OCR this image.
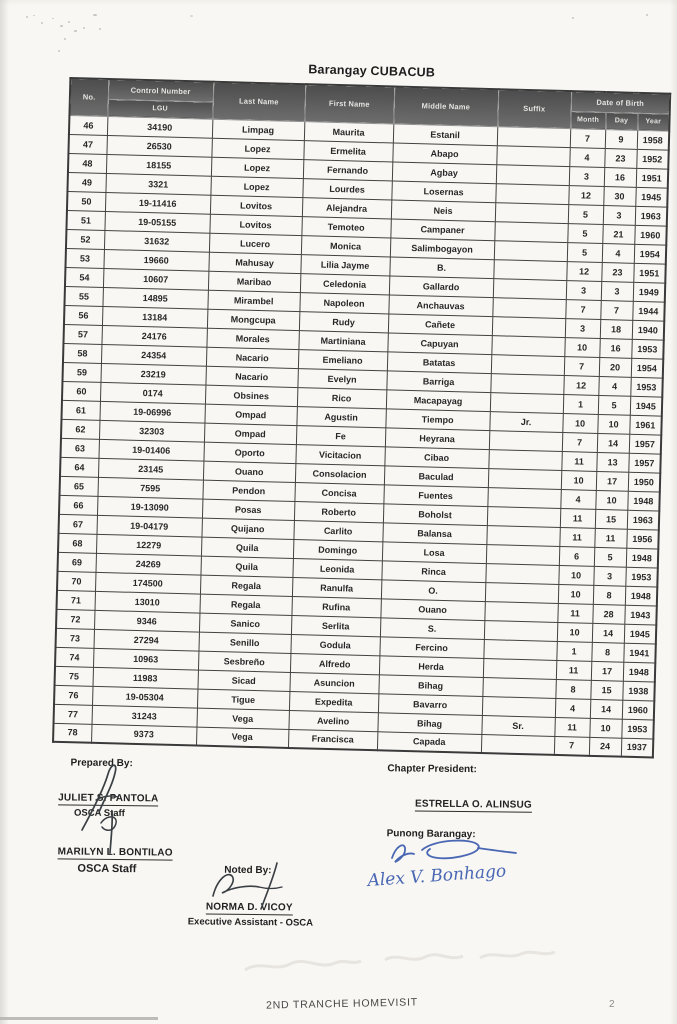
Barangay CUBACUB
No.	Control Number	Last Name	First Name	Middle Name	Suffix	Date of Birth		
	LGU					Month	Day	Year
46	34190	Limpag	Maurita	Estanil		7	9	1958
47	26530	Lopez	Ermelita	Abapo		4	23	1952
48	18155	Lopez	Fernando	Agbay		3	16	1951
49	3321	Lopez	Lourdes	Losernas		12	30	1945
50	19-11416	Lovitos	Alejandra	Neis		5	3	1963
51	19-05155	Lovitos	Temoteo	Campaner		5	21	1960
52	31632	Lucero	Monica	Salimbogayon		5	4	1954
53	19660	Mahusay	Lilia Jayme	B.		12	23	1951
54	10607	Maribao	Celedonia	Gallardo		3	3	1949
55	14895	Mirambel	Napoleon	Anchauvas		7	7	1944
56	13184	Mongcupa	Rudy	Cañete		3	18	1940
57	24176	Morales	Martiniana	Capuyan		10	16	1953
58	24354	Nacario	Emeliano	Batatas		7	20	1954
59	23219	Nacario	Evelyn	Barriga		12	4	1953
60	0174	Obsines	Rico	Macapayag		1	5	1945
61	19-06996	Ompad	Agustin	Tiempo	Jr.	10	10	1961
62	32303	Ompad	Fe	Heyrana		7	14	1957
63	19-01406	Oporto	Vicitacion	Cibao		11	13	1957
64	23145	Ouano	Consolacion	Baculad		10	17	1950
65	7595	Pendon	Concisa	Fuentes		4	10	1948
66	19-13090	Posas	Roberto	Boholst		11	15	1963
67	19-04179	Quijano	Carlito	Balansa		11	11	1956
68	12279	Quila	Domingo	Losa		6	5	1948
69	24269	Quila	Leonida	Rinca		10	3	1953
70	174500	Regala	Ranulfa	O.		10	8	1948
71	13010	Regala	Rufina	Ouano		11	28	1943
72	9346	Sanico	Serlita	S.		10	14	1945
73	27294	Senillo	Godula	Fercino		1	8	1941
74	10963	Sesbreño	Alfredo	Herda		11	17	1948
75	11983	Sicad	Asuncion	Bihag		8	15	1938
76	19-05304	Tigue	Expedita	Bavarro		4	14	1960
77	31243	Vega	Avelino	Bihag	Sr.	11	10	1953
78	9373	Vega	Francisca	Capada		7	24	1937
Prepared By:
JULIET S. PANTOLA
OSCA Staff
MARILYN L. BONTILAO
OSCA Staff
Chapter President:
ESTRELLA O. ALINSUG
Punong Barangay:
Alex V. Bonhago
Noted By:
NORMA D. VICOY
Executive Assistant - OSCA
2ND TRANCHE HOMEVISIT	2
